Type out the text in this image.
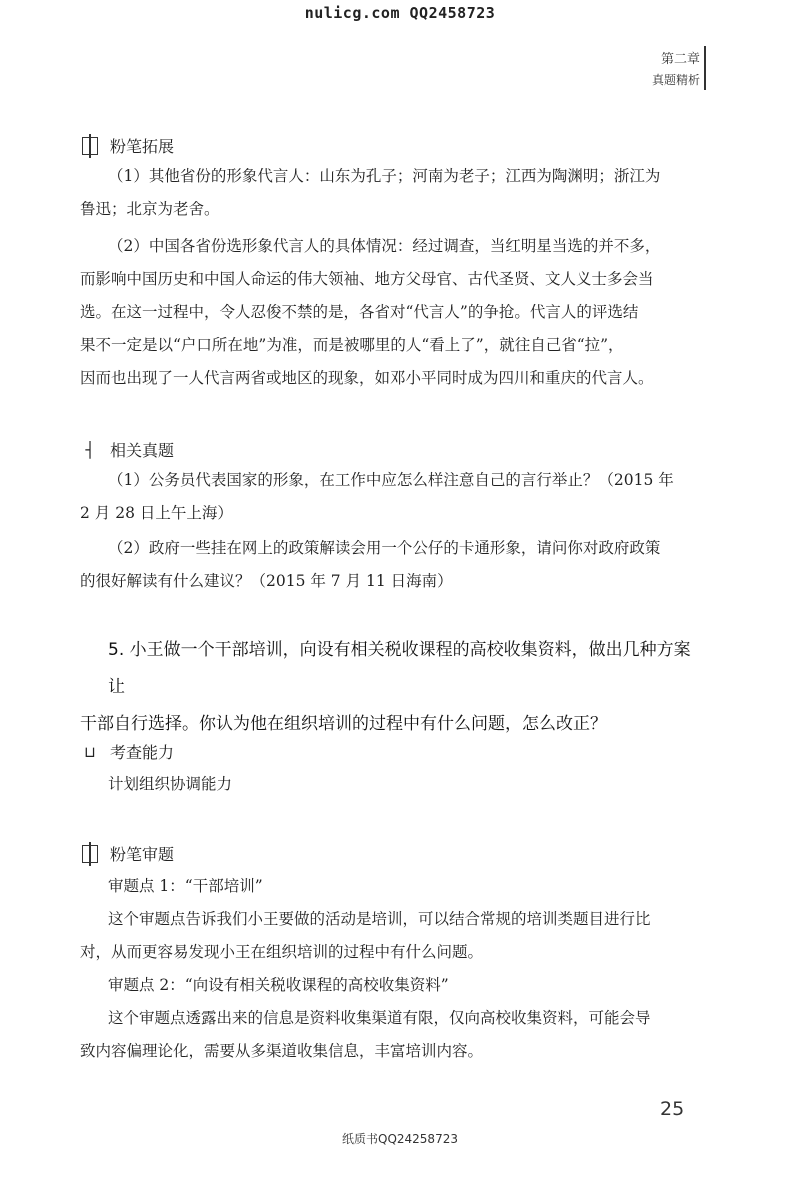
nulicg.com QQ2458723
第二章
真题精析
粉笔拓展
（1）其他省份的形象代言人：山东为孔子；河南为老子；江西为陶渊明；浙江为
鲁迅；北京为老舍。
（2）中国各省份选形象代言人的具体情况：经过调查，当红明星当选的并不多，
而影响中国历史和中国人命运的伟大领袖、地方父母官、古代圣贤、文人义士多会当
选。在这一过程中，令人忍俊不禁的是，各省对“代言人”的争抢。代言人的评选结
果不一定是以“户口所在地”为准，而是被哪里的人“看上了”，就往自己省“拉”，
因而也出现了一人代言两省或地区的现象，如邓小平同时成为四川和重庆的代言人。
┤ 相关真题
（1）公务员代表国家的形象，在工作中应怎么样注意自己的言行举止？（2015 年
2 月 28 日上午上海）
（2）政府一些挂在网上的政策解读会用一个公仔的卡通形象，请问你对政府政策
的很好解读有什么建议？（2015 年 7 月 11 日海南）
5. 小王做一个干部培训，向设有相关税收课程的高校收集资料，做出几种方案让
干部自行选择。你认为他在组织培训的过程中有什么问题，怎么改正？
⊔ 考查能力
计划组织协调能力
粉笔审题
审题点 1：“干部培训”
这个审题点告诉我们小王要做的活动是培训，可以结合常规的培训类题目进行比
对，从而更容易发现小王在组织培训的过程中有什么问题。
审题点 2：“向设有相关税收课程的高校收集资料”
这个审题点透露出来的信息是资料收集渠道有限，仅向高校收集资料，可能会导
致内容偏理论化，需要从多渠道收集信息，丰富培训内容。
25
纸质书QQ24258723
